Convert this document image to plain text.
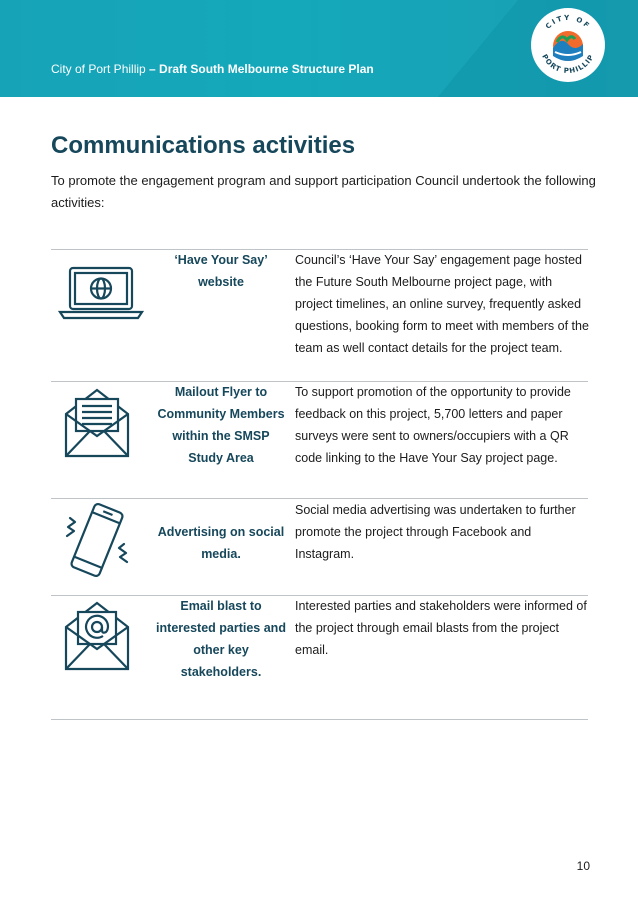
City of Port Phillip – Draft South Melbourne Structure Plan
CITY OF
PORT PHILLIP
Communications activities

To promote the engagement program and support participation Council undertook the following activities:

‘Have Your Say’ website
Council’s ‘Have Your Say’ engagement page hosted the Future South Melbourne project page, with project timelines, an online survey, frequently asked questions, booking form to meet with members of the team as well contact details for the project team.
Mailout Flyer to Community Members within the SMSP Study Area
To support promotion of the opportunity to provide feedback on this project, 5,700 letters and paper surveys were sent to owners/occupiers with a QR code linking to the Have Your Say project page.
Advertising on social media.
Social media advertising was undertaken to further promote the project through Facebook and Instagram.
Email blast to interested parties and other key stakeholders.
Interested parties and stakeholders were informed of the project through email blasts from the project email.
10
